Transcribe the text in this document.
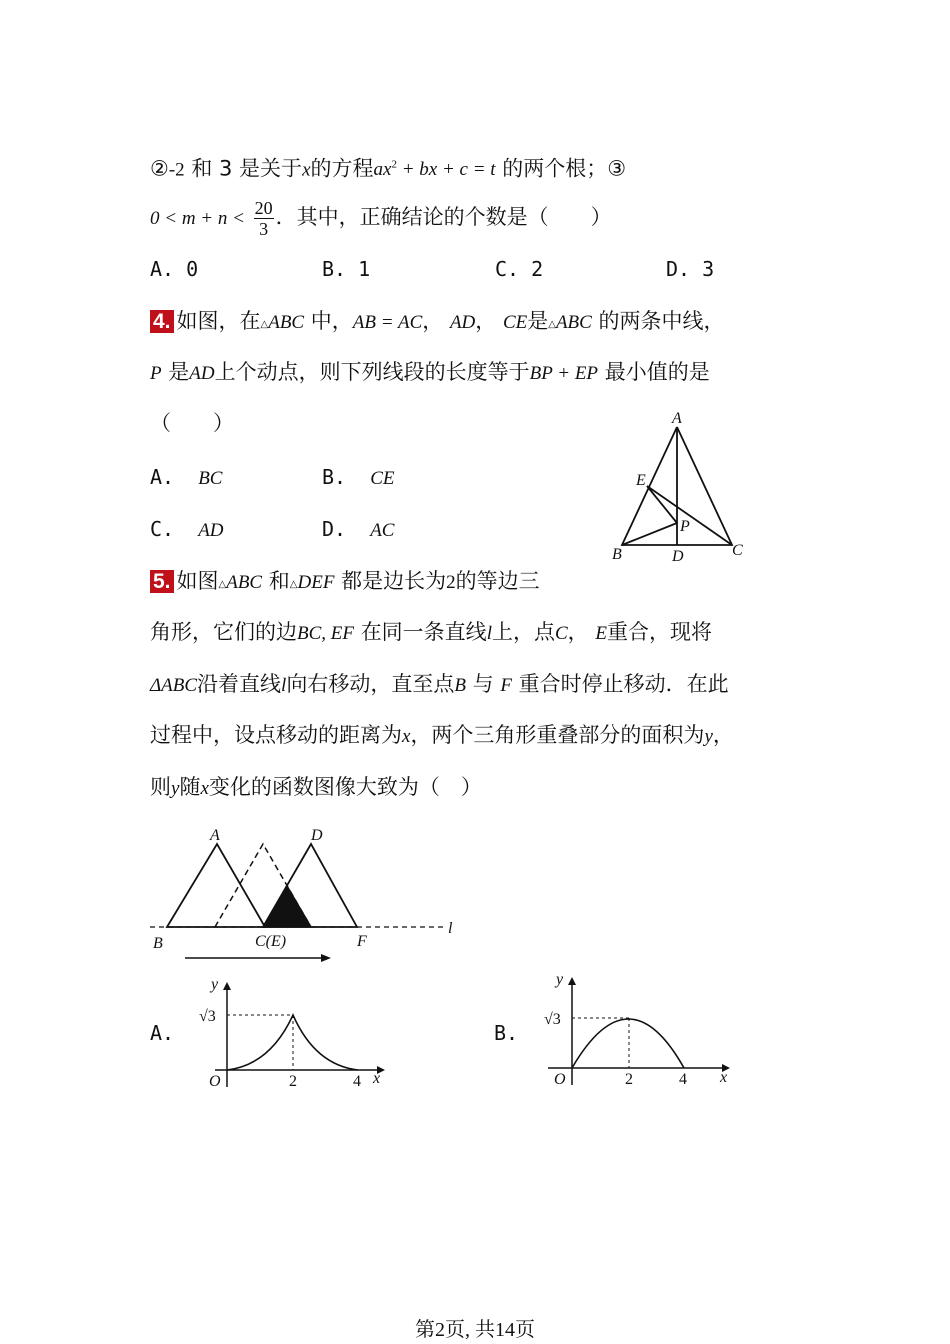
②-2 和 3 是关于x的方程$ax^2$ + bx + c = t 的两个根；③
$0 < m + n < \frac{20}{3}$ ．其中，正确结论的个数是（　　）
A. 0	B. 1	C. 2	D. 3
4. 如图，在△ABC 中，AB = AC， AD， CE是△ABC 的两条中线，
P 是AD上个动点，则下列线段的长度等于BP + EP 最小值的是
（　　）
A. BC	B. CE
C. AD	D. AC
A
E
P
B	D	C
5. 如图△ABC 和△DEF 都是边长为2的等边三
角形，它们的边BC, EF 在同一条直线l上，点C， E重合，现将
ΔABC沿着直线l向右移动，直至点B 与 F 重合时停止移动．在此
过程中，设点移动的距离为x，两个三角形重叠部分的面积为y，
则y随x变化的函数图像大致为（　）
A	D
B	C(E)	F
l
A.
y
x
O
√3
2	4
B.
y
x
O
√3
2	4
第2页, 共14页
